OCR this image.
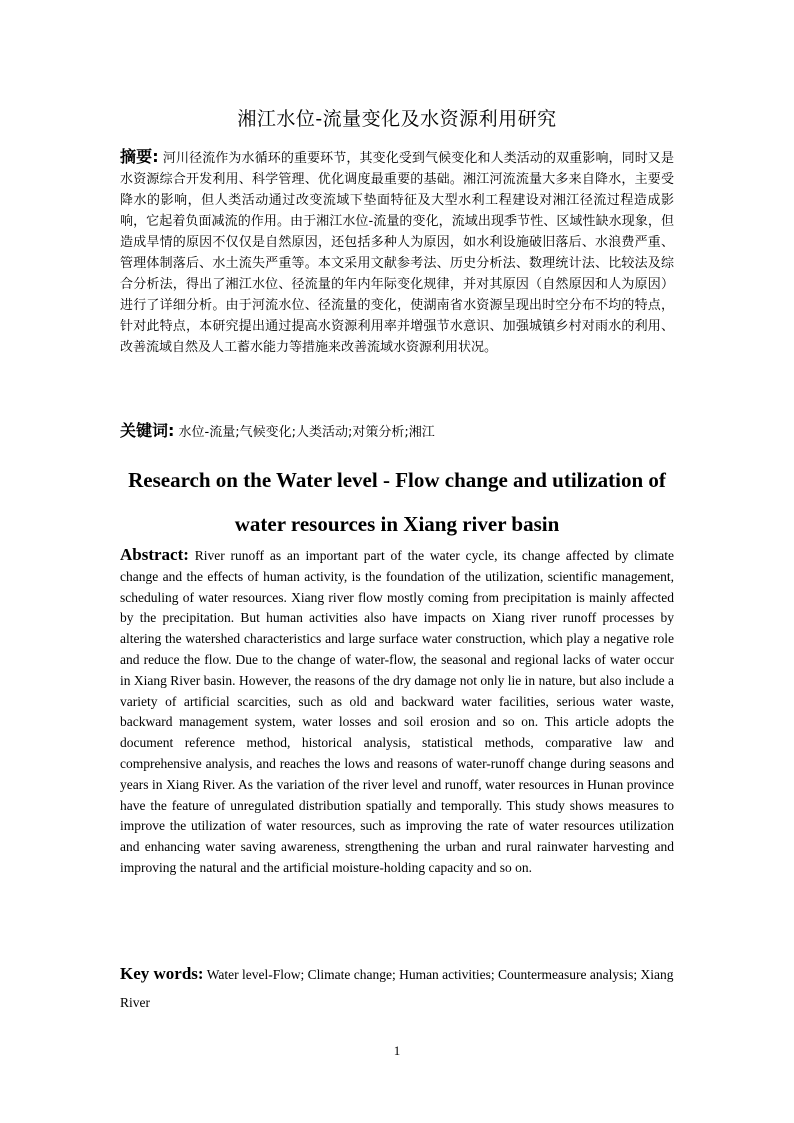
湘江水位-流量变化及水资源利用研究
摘要: 河川径流作为水循环的重要环节，其变化受到气候变化和人类活动的双重影响，同时又是水资源综合开发利用、科学管理、优化调度最重要的基础。湘江河流流量大多来自降水，主要受降水的影响，但人类活动通过改变流域下垫面特征及大型水利工程建设对湘江径流过程造成影响，它起着负面减流的作用。由于湘江水位-流量的变化，流域出现季节性、区域性缺水现象，但造成旱情的原因不仅仅是自然原因，还包括多种人为原因，如水利设施破旧落后、水浪费严重、管理体制落后、水土流失严重等。本文采用文献参考法、历史分析法、数理统计法、比较法及综合分析法，得出了湘江水位、径流量的年内年际变化规律，并对其原因（自然原因和人为原因）进行了详细分析。由于河流水位、径流量的变化，使湖南省水资源呈现出时空分布不均的特点，针对此特点，本研究提出通过提高水资源利用率并增强节水意识、加强城镇乡村对雨水的利用、改善流域自然及人工蓄水能力等措施来改善流域水资源利用状况。
关键词: 水位-流量;气候变化;人类活动;对策分析;湘江
Research on the Water level - Flow change and utilization of water resources in Xiang river basin
Abstract: River runoff as an important part of the water cycle, its change affected by climate change and the effects of human activity, is the foundation of the utilization, scientific management, scheduling of water resources. Xiang river flow mostly coming from precipitation is mainly affected by the precipitation. But human activities also have impacts on Xiang river runoff processes by altering the watershed characteristics and large surface water construction, which play a negative role and reduce the flow. Due to the change of water-flow, the seasonal and regional lacks of water occur in Xiang River basin. However, the reasons of the dry damage not only lie in nature, but also include a variety of artificial scarcities, such as old and backward water facilities, serious water waste, backward management system, water losses and soil erosion and so on. This article adopts the document reference method, historical analysis, statistical methods, comparative law and comprehensive analysis, and reaches the lows and reasons of water-runoff change during seasons and years in Xiang River. As the variation of the river level and runoff, water resources in Hunan province have the feature of unregulated distribution spatially and temporally. This study shows measures to improve the utilization of water resources, such as improving the rate of water resources utilization and enhancing water saving awareness, strengthening the urban and rural rainwater harvesting and improving the natural and the artificial moisture-holding capacity and so on.
Key words: Water level-Flow; Climate change; Human activities; Countermeasure analysis; Xiang River
1
